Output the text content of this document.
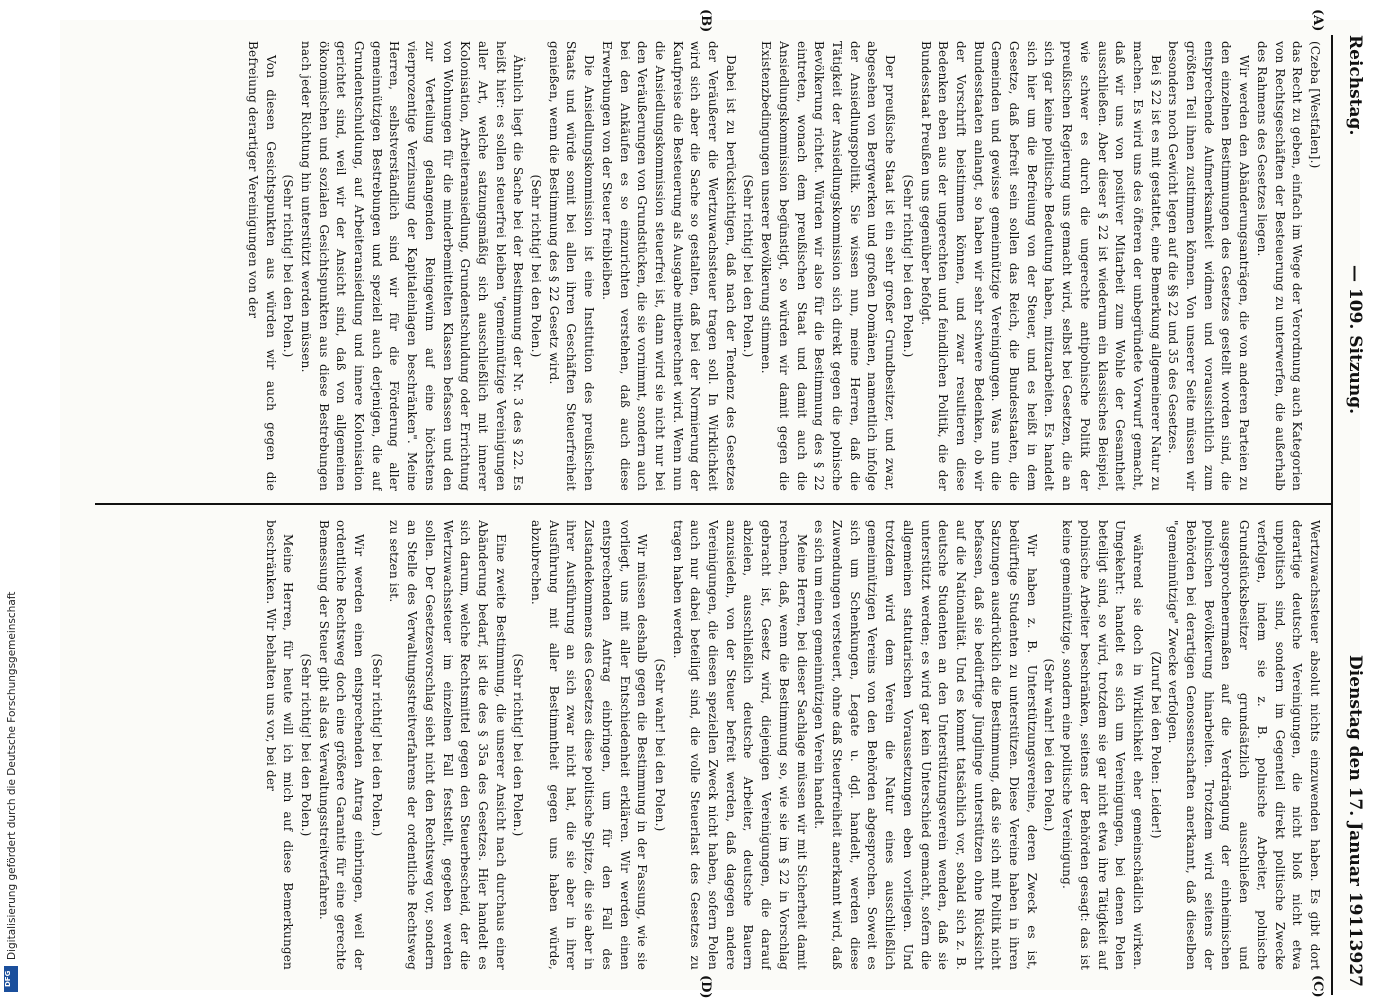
Digitalisierung gefördert durch die Deutsche Forschungsgemeinschaft
DFG
Reichstag.
— 109. Sitzung.
Dienstag den 17. Januar 1911.
3927
(A)
(B)
(C)
(D)

(Czeba [Westfalen].)

das Recht zu geben, einfach im Wege der Verordnung auch Kategorien von Rechtsgeschäften der Besteuerung zu unterwerfen, die außerhalb des Rahmens des Gesetzes liegen.

Wir werden den Abänderungsanträgen, die von anderen Parteien zu den einzelnen Bestimmungen des Gesetzes gestellt worden sind, die entsprechende Aufmerksamkeit widmen und voraussichtlich zum größten Teil ihnen zustimmen können. Von unserer Seite müssen wir besonders noch Gewicht legen auf die §§ 22 und 35 des Gesetzes.

Bei § 22 ist es mit gestattet, eine Bemerkung allgemeinerer Natur zu machen. Es wird uns des öfteren der unbegründete Vorwurf gemacht, daß wir uns von positiver Mitarbeit zum Wohle der Gesamtheit ausschließen. Aber dieser § 22 ist wiederum ein klassisches Beispiel, wie schwer es durch die ungerechte antipolnische Politik der preußischen Regierung uns gemacht wird, selbst bei Gesetzen, die an sich gar keine politische Bedeutung haben, mitzuarbeiten. Es handelt sich hier um die Befreiung von der Steuer, und es heißt in dem Gesetze, daß befreit sein sollen das Reich, die Bundesstaaten, die Gemeinden und gewisse gemeinnützige Vereinigungen. Was nun die Bundesstaaten anlangt, so haben wir sehr schwere Bedenken, ob wir der Vorschrift beistimmen können, und zwar resultieren diese Bedenken eben aus der ungerechten und feindlichen Politik, die der Bundesstaat Preußen uns gegenüber befolgt.

(Sehr richtig! bei den Polen.)

Der preußische Staat ist ein sehr großer Grundbesitzer, und zwar, abgesehen von Bergwerken und großen Domänen, namentlich infolge der Ansiedlungspolitik. Sie wissen nun, meine Herren, daß die Tätigkeit der Ansiedlungskommission sich direkt gegen die polnische Bevölkerung richtet. Würden wir also für die Bestimmung des § 22 eintreten, wonach dem preußischen Staat und damit auch die Ansiedlungskommission begünstigt, so würden wir damit gegen die Existenzbedingungen unserer Bevölkerung stimmen.

(Sehr richtig! bei den Polen.)

Dabei ist zu berücksichtigen, daß nach der Tendenz des Gesetzes der Veräußerer die Wertzuwachssteuer tragen soll. In Wirklichkeit wird sich aber die Sache so gestalten, daß bei der Normierung der Kaufpreise die Besteuerung als Ausgabe mitberechnet wird. Wenn nun die Ansiedlungskommission steuerfrei ist, dann wird sie nicht nur bei den Veräußerungen von Grundstücken, die sie vornimmt, sondern auch bei den Ankäufen es so einzurichten verstehen, daß auch diese Erwerbungen von der Steuer freibleiben.

Die Ansiedlungskommission ist eine Institution des preußischen Staats und würde somit bei allen ihren Geschäften Steuerfreiheit genießen, wenn die Bestimmung des § 22 Gesetz wird.

(Sehr richtig! bei den Polen.)

Ähnlich liegt die Sache bei der Bestimmung der Nr. 3 des § 22. Es heißt hier: es sollen steuerfrei bleiben "gemeinnützige Vereinigungen aller Art, welche satzungsmäßig sich ausschließlich mit innerer Kolonisation, Arbeiteransiedlung, Grundentschuldung oder Errichtung von Wohnungen für die minderbemittelten Klassen befassen und den zur Verteilung gelangenden Reingewinn auf eine höchstens vierprozentige Verzinsung der Kapitaleinlagen beschränken". Meine Herren, selbstverständlich sind wir für die Förderung aller gemeinnützigen Bestrebungen und speziell auch derjenigen, die auf Grundentschuldung, auf Arbeiteransiedlung und innere Kolonisation gerichtet sind, weil wir der Ansicht sind, daß von allgemeinen ökonomischen und sozialen Gesichtspunkten aus diese Bestrebungen nach jeder Richtung hin unterstützt werden müssen.

(Sehr richtig! bei den Polen.)

Von diesen Gesichtspunkten aus würden wir auch gegen die Befreiung derartiger Vereinigungen von der

Wertzuwachssteuer absolut nichts einzuwenden haben. Es gibt dort derartige deutsche Vereinigungen, die nicht bloß nicht etwa unpolitisch sind, sondern im Gegenteil direkt politische Zwecke verfolgen, indem sie z. B. polnische Arbeiter, polnische Grundstücksbesitzer grundsätzlich ausschließen und ausgesprochenermaßen auf die Verdrängung der einheimischen polnischen Bevölkerung hinarbeiten. Trotzdem wird seitens der Behörden bei derartigen Genossenschaften anerkannt, daß dieselben "gemeinnützige" Zwecke verfolgen.

(Zuruf bei den Polen: Leider!)

während sie doch in Wirklichkeit eher gemeinschädlich wirken. Umgekehrt: handelt es sich um Vereinigungen, bei denen Polen beteiligt sind, so wird, trotzdem sie gar nicht etwa ihre Tätigkeit auf polnische Arbeiter beschränken, seitens der Behörden gesagt: das ist keine gemeinnützige, sondern eine politische Vereinigung.

(Sehr wahr! bei den Polen.)

Wir haben z. B. Unterstützungsvereine, deren Zweck es ist, bedürftige Studenten zu unterstützen. Diese Vereine haben in ihren Satzungen ausdrücklich die Bestimmung, daß sie sich mit Politik nicht befassen, daß sie bedürftige Jünglinge unterstützen ohne Rücksicht auf die Nationalität. Und es kommt tatsächlich vor, sobald sich z. B. deutsche Studenten an den Unterstützungsverein wenden, daß sie unterstützt werden; es wird gar kein Unterschied gemacht, sofern die allgemeinen statutarischen Voraussetzungen eben vorliegen. Und trotzdem wird dem Verein die Natur eines ausschließlich gemeinnützigen Vereins von den Behörden abgesprochen. Soweit es sich um Schenkungen, Legate u. dgl. handelt, werden diese Zuwendungen versteuert, ohne daß Steuerfreiheit anerkannt wird, daß es sich um einen gemeinnützigen Verein handelt.

Meine Herren, bei dieser Sachlage müssen wir mit Sicherheit damit rechnen, daß, wenn die Bestimmung so, wie sie im § 22 in Vorschlag gebracht ist, Gesetz wird, diejenigen Vereinigungen, die darauf abzielen, ausschließlich deutsche Arbeiter, deutsche Bauern anzusiedeln, von der Steuer befreit werden, daß dagegen andere Vereinigungen, die diesen speziellen Zweck nicht haben, sofern Polen auch nur dabei beteiligt sind, die volle Steuerlast des Gesetzes zu tragen haben werden.

(Sehr wahr! bei den Polen.)

Wir müssen deshalb gegen die Bestimmung in der Fassung, wie sie vorliegt, uns mit aller Entschiedenheit erklären. Wir werden einen entsprechenden Antrag einbringen, um für den Fall des Zustandekommens des Gesetzes diese politische Spitze, die sie aber in ihrer Ausführung an sich zwar nicht hat, die sie aber in ihrer Ausführung mit aller Bestimmtheit gegen uns haben würde, abzubrechen.

(Sehr richtig! bei den Polen.)

Eine zweite Bestimmung, die unserer Ansicht nach durchaus einer Abänderung bedarf, ist die des § 35a des Gesetzes. Hier handelt es sich darum, welche Rechtsmittel gegen den Steuerbescheid, der die Wertzuwachssteuer im einzelnen Fall feststellt, gegeben werden sollen. Der Gesetzesvorschlag sieht nicht den Rechtsweg vor, sondern an Stelle des Verwaltungsstreitverfahrens der ordentliche Rechtsweg zu setzen ist.

(Sehr richtig! bei den Polen.)

Wir werden einen entsprechenden Antrag einbringen, weil der ordentliche Rechtsweg doch eine größere Garantie für eine gerechte Bemessung der Steuer gibt als das Verwaltungsstreitverfahren.

(Sehr richtig! bei den Polen.)

Meine Herren, für heute will ich mich auf diese Bemerkungen beschränken. Wir behalten uns vor, bei der
